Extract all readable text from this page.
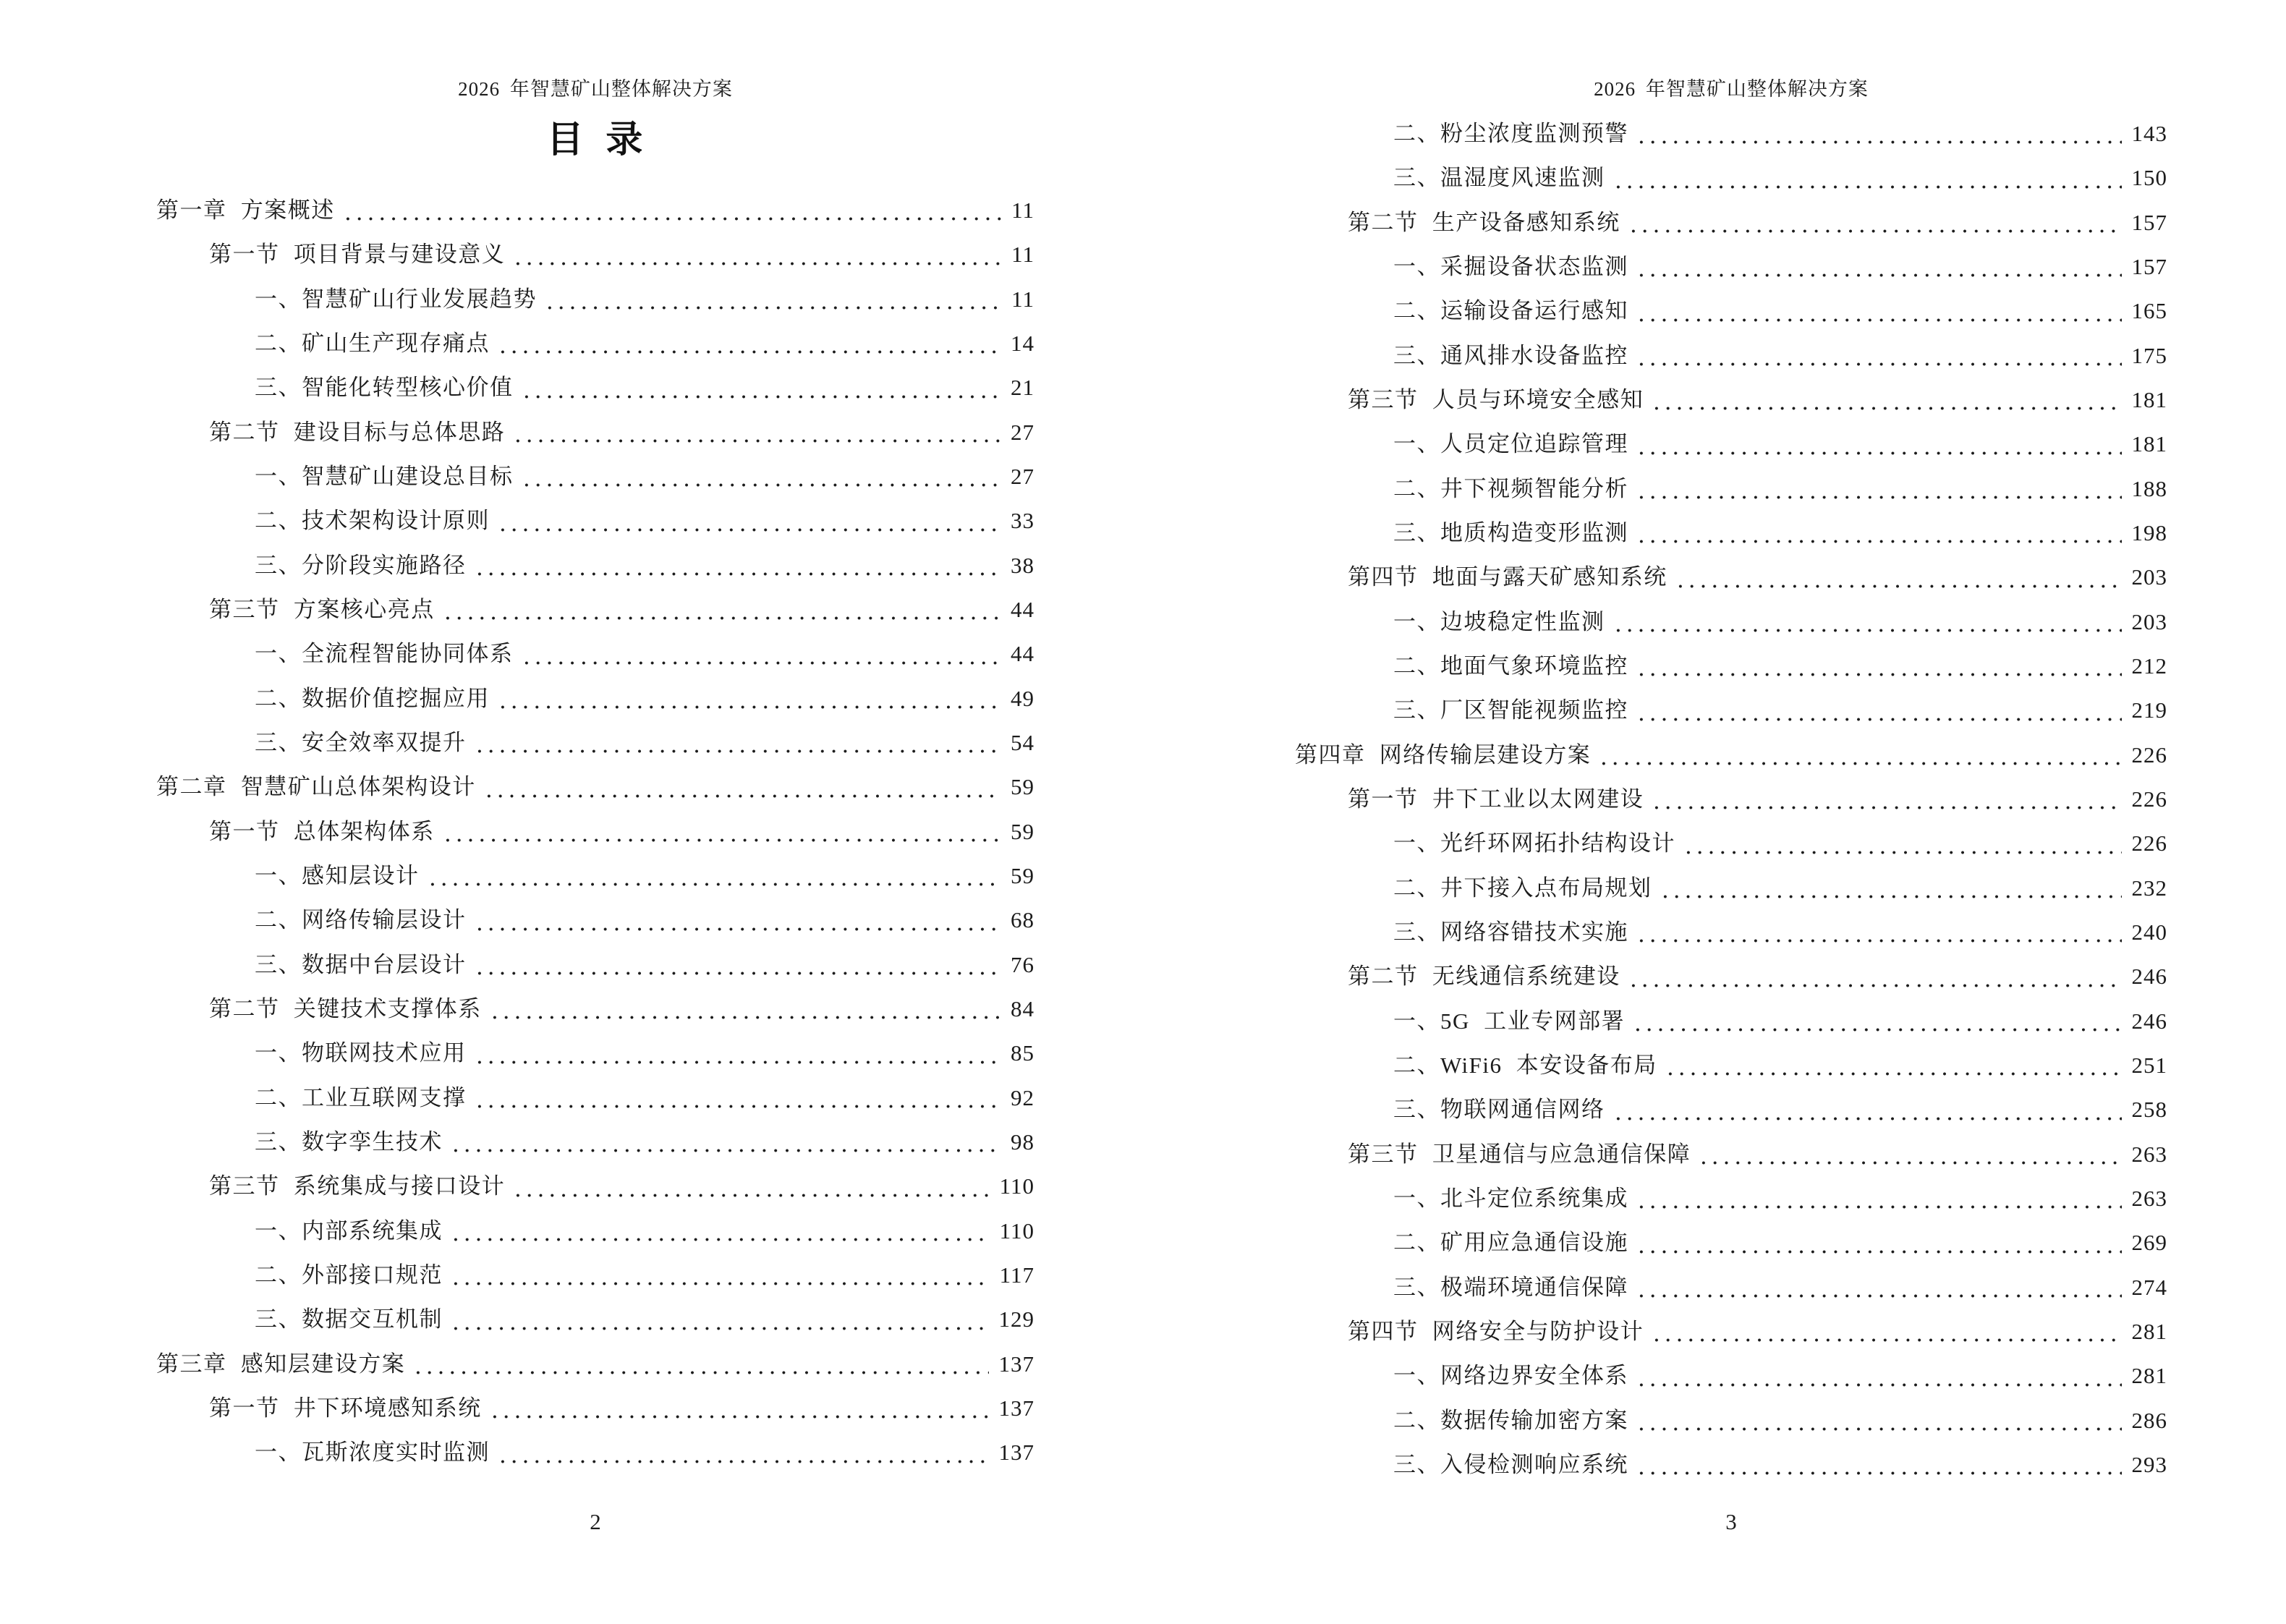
2026 年智慧矿山整体解决方案
目 录
第一章 方案概述	11
第一节 项目背景与建设意义	11
一、智慧矿山行业发展趋势	11
二、矿山生产现存痛点	14
三、智能化转型核心价值	21
第二节 建设目标与总体思路	27
一、智慧矿山建设总目标	27
二、技术架构设计原则	33
三、分阶段实施路径	38
第三节 方案核心亮点	44
一、全流程智能协同体系	44
二、数据价值挖掘应用	49
三、安全效率双提升	54
第二章 智慧矿山总体架构设计	59
第一节 总体架构体系	59
一、感知层设计	59
二、网络传输层设计	68
三、数据中台层设计	76
第二节 关键技术支撑体系	84
一、物联网技术应用	85
二、工业互联网支撑	92
三、数字孪生技术	98
第三节 系统集成与接口设计	110
一、内部系统集成	110
二、外部接口规范	117
三、数据交互机制	129
第三章 感知层建设方案	137
第一节 井下环境感知系统	137
一、瓦斯浓度实时监测	137
2
2026 年智慧矿山整体解决方案
二、粉尘浓度监测预警	143
三、温湿度风速监测	150
第二节 生产设备感知系统	157
一、采掘设备状态监测	157
二、运输设备运行感知	165
三、通风排水设备监控	175
第三节 人员与环境安全感知	181
一、人员定位追踪管理	181
二、井下视频智能分析	188
三、地质构造变形监测	198
第四节 地面与露天矿感知系统	203
一、边坡稳定性监测	203
二、地面气象环境监控	212
三、厂区智能视频监控	219
第四章 网络传输层建设方案	226
第一节 井下工业以太网建设	226
一、光纤环网拓扑结构设计	226
二、井下接入点布局规划	232
三、网络容错技术实施	240
第二节 无线通信系统建设	246
一、5G 工业专网部署	246
二、WiFi6 本安设备布局	251
三、物联网通信网络	258
第三节 卫星通信与应急通信保障	263
一、北斗定位系统集成	263
二、矿用应急通信设施	269
三、极端环境通信保障	274
第四节 网络安全与防护设计	281
一、网络边界安全体系	281
二、数据传输加密方案	286
三、入侵检测响应系统	293
3
